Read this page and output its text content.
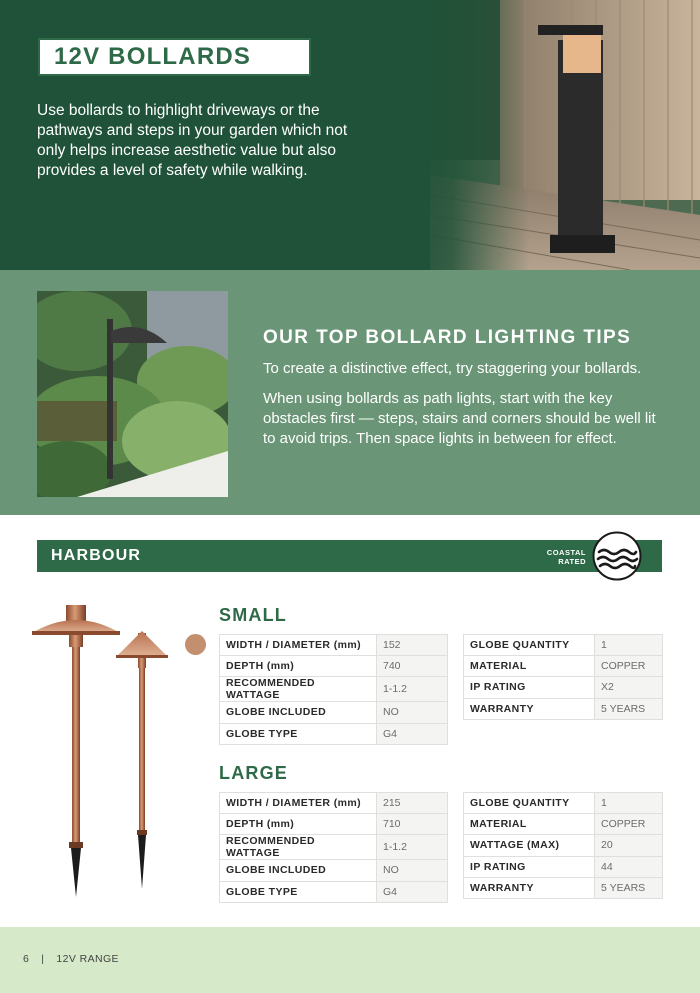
12V BOLLARDS

Use bollards to highlight driveways or the pathways and steps in your garden which not only helps increase aesthetic value but also provides a level of safety while walking.

OUR TOP BOLLARD LIGHTING TIPS

To create a distinctive effect, try staggering your bollards.

When using bollards as path lights, start with the key obstacles first — steps, stairs and corners should be well lit to avoid trips. Then space lights in between for effect.

HARBOUR	COASTAL
RATED
SMALL
WIDTH / DIAMETER (mm)	152
DEPTH (mm)	740
RECOMMENDED WATTAGE	1-1.2
GLOBE INCLUDED	NO
GLOBE TYPE	G4
GLOBE QUANTITY	1
MATERIAL	COPPER
IP RATING	X2
WARRANTY	5 YEARS
LARGE
WIDTH / DIAMETER (mm)	215
DEPTH (mm)	710
RECOMMENDED WATTAGE	1-1.2
GLOBE INCLUDED	NO
GLOBE TYPE	G4
GLOBE QUANTITY	1
MATERIAL	COPPER
WATTAGE (MAX)	20
IP RATING	44
WARRANTY	5 YEARS
6 | 12V RANGE
